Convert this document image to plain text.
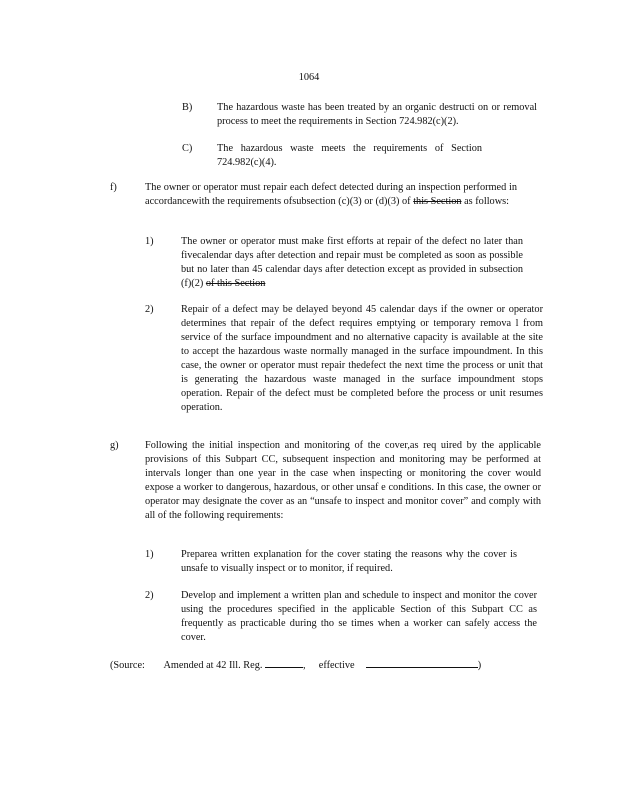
1064
B) The hazardous waste has been treated by an organic destructi on or removal process to meet the requirements in Section 724.982(c)(2).
C) The hazardous waste meets the requirements of Section 724.982(c)(4).
f)	The owner or operator must repair each defect detected during an inspection performed in accordancewith the requirements ofsubsection (c)(3) or (d)(3) of this Section as follows:
1)	The owner or operator must make first efforts at repair of the defect no later than fivecalendar days after detection and repair must be completed as soon as possible but no later than 45 calendar days after detection except as provided in subsection (f)(2) of this Section
2)	Repair of a defect may be delayed beyond 45 calendar days if the owner or operator determines that repair of the defect requires emptying or temporary remova l from service of the surface impoundment and no alternative capacity is available at the site to accept the hazardous waste normally managed in the surface impoundment. In this case, the owner or operator must repair thedefect the next time the process or unit that is generating the hazardous waste managed in the surface impoundment stops operation. Repair of the defect must be completed before the process or unit resumes operation.
g)	Following the initial inspection and monitoring of the cover,as req uired by the applicable provisions of this Subpart CC, subsequent inspection and monitoring may be performed at intervals longer than one year in the case when inspecting or monitoring the cover would expose a worker to dangerous, hazardous, or other unsaf e conditions. In this case, the owner or operator may designate the cover as an “unsafe to inspect and monitor cover” and comply with all of the following requirements:
1)	Preparea written explanation for the cover stating the reasons why the cover is unsafe to visually inspect or to monitor, if required.
2)	Develop and implement a written plan and schedule to inspect and monitor the cover using the procedures specified in the applicable Section of this Subpart CC as frequently as practicable during tho se times when a worker can safely access the cover.
(Source: Amended at 42 Ill. Reg.	, effective	)
